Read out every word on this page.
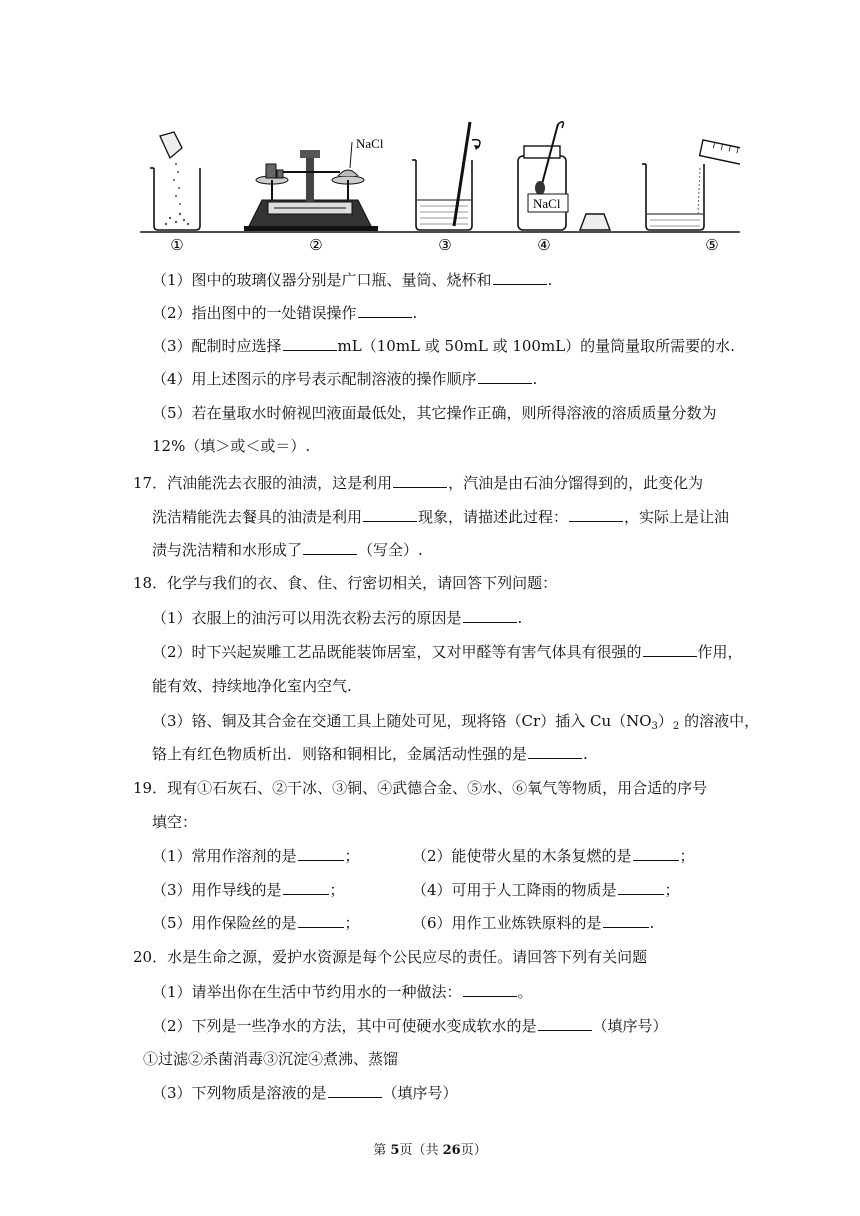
①
NaCl
②	③
NaCl
④	⑤
（1）图中的玻璃仪器分别是广口瓶、量筒、烧杯和	.
（2）指出图中的一处错误操作	.
（3）配制时应选择	mL（10mL 或 50mL 或 100mL）的量筒量取所需要的水.
（4）用上述图示的序号表示配制溶液的操作顺序	.
（5）若在量取水时俯视凹液面最低处，其它操作正确，则所得溶液的溶质质量分数为
12%（填＞或＜或＝）.
17．汽油能洗去衣服的油渍，这是利用	，汽油是由石油分馏得到的，此变化为
洗洁精能洗去餐具的油渍是利用	现象，请描述此过程：	，实际上是让油
渍与洗洁精和水形成了	（写全）.
18．化学与我们的衣、食、住、行密切相关，请回答下列问题：
（1）衣服上的油污可以用洗衣粉去污的原因是	.
（2）时下兴起炭雕工艺品既能装饰居室，又对甲醛等有害气体具有很强的	作用，
能有效、持续地净化室内空气.
（3）铬、铜及其合金在交通工具上随处可见，现将铬（Cr）插入 $Cu(NO_3)_2$ 的溶液中，
铬上有红色物质析出．则铬和铜相比，金属活动性强的是	.
19．现有①石灰石、②干冰、③铜、④武德合金、⑤水、⑥氧气等物质，用合适的序号
填空：
（1）常用作溶剂的是	；	（2）能使带火星的木条复燃的是	；
（3）用作导线的是	；	（4）可用于人工降雨的物质是	；
（5）用作保险丝的是	；	（6）用作工业炼铁原料的是	.
20．水是生命之源，爱护水资源是每个公民应尽的责任。请回答下列有关问题
（1）请举出你在生活中节约用水的一种做法：	。
（2）下列是一些净水的方法，其中可使硬水变成软水的是	（填序号）
①过滤②杀菌消毒③沉淀④煮沸、蒸馏
（3）下列物质是溶液的是	（填序号）
第 5页（共 26页）
